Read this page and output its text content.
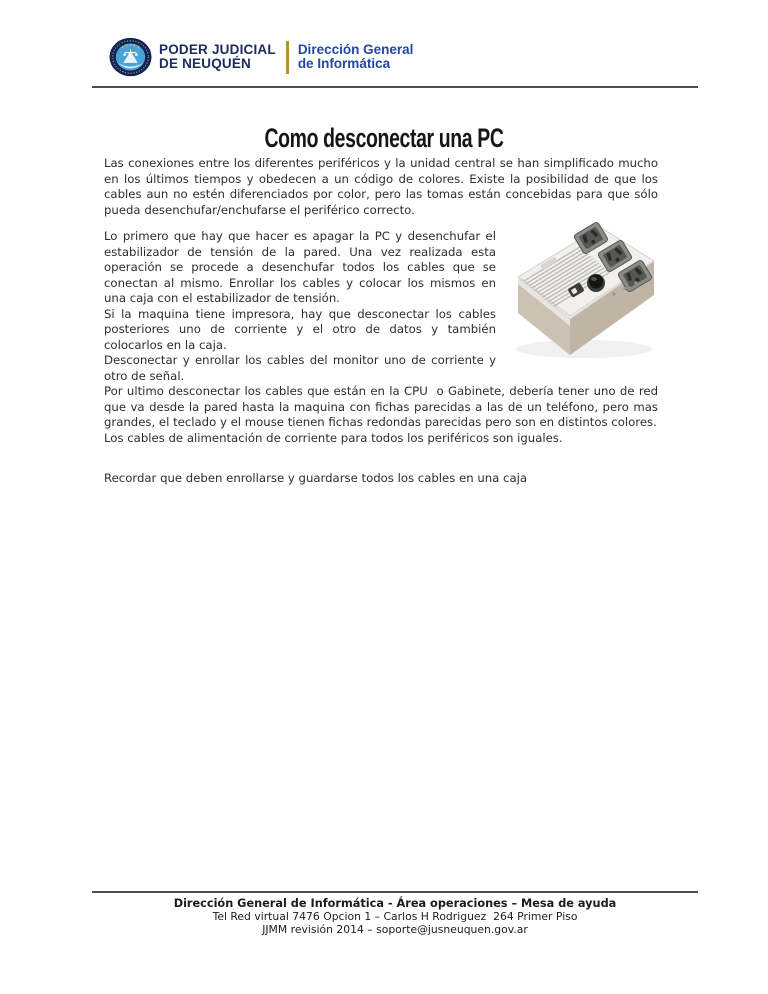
PODER JUDICIAL
DE NEUQUÉN
Dirección General
de Informática
Como desconectar una PC

Las conexiones entre los diferentes periféricos y la unidad central se han simplificado mucho en los últimos tiempos y obedecen a un código de colores. Existe la posibilidad de que los cables aun no estén diferenciados por color, pero las tomas están concebidas para que sólo pueda desenchufar/enchufarse el periférico correcto.

Lo primero que hay que hacer es apagar la PC y desenchufar el estabilizador de tensión de la pared. Una vez realizada esta operación se procede a desenchufar todos los cables que se conectan al mismo. Enrollar los cables y colocar los mismos en una caja con el estabilizador de tensión.

Si la maquina tiene impresora, hay que desconectar los cables posteriores uno de corriente y el otro de datos y también colocarlos en la caja.

Desconectar y enrollar los cables del monitor uno de corriente y otro de señal.

Por ultimo desconectar los cables que están en la CPU  o Gabinete, debería tener uno de red que va desde la pared hasta la maquina con fichas parecidas a las de un teléfono, pero mas grandes, el teclado y el mouse tienen fichas redondas parecidas pero son en distintos colores.

Los cables de alimentación de corriente para todos los periféricos son iguales.

Recordar que deben enrollarse y guardarse todos los cables en una caja

Dirección General de Informática - Área operaciones – Mesa de ayuda
Tel Red virtual 7476 Opcion 1 – Carlos H Rodriguez  264 Primer Piso
JJMM revisión 2014 – soporte@jusneuquen.gov.ar
